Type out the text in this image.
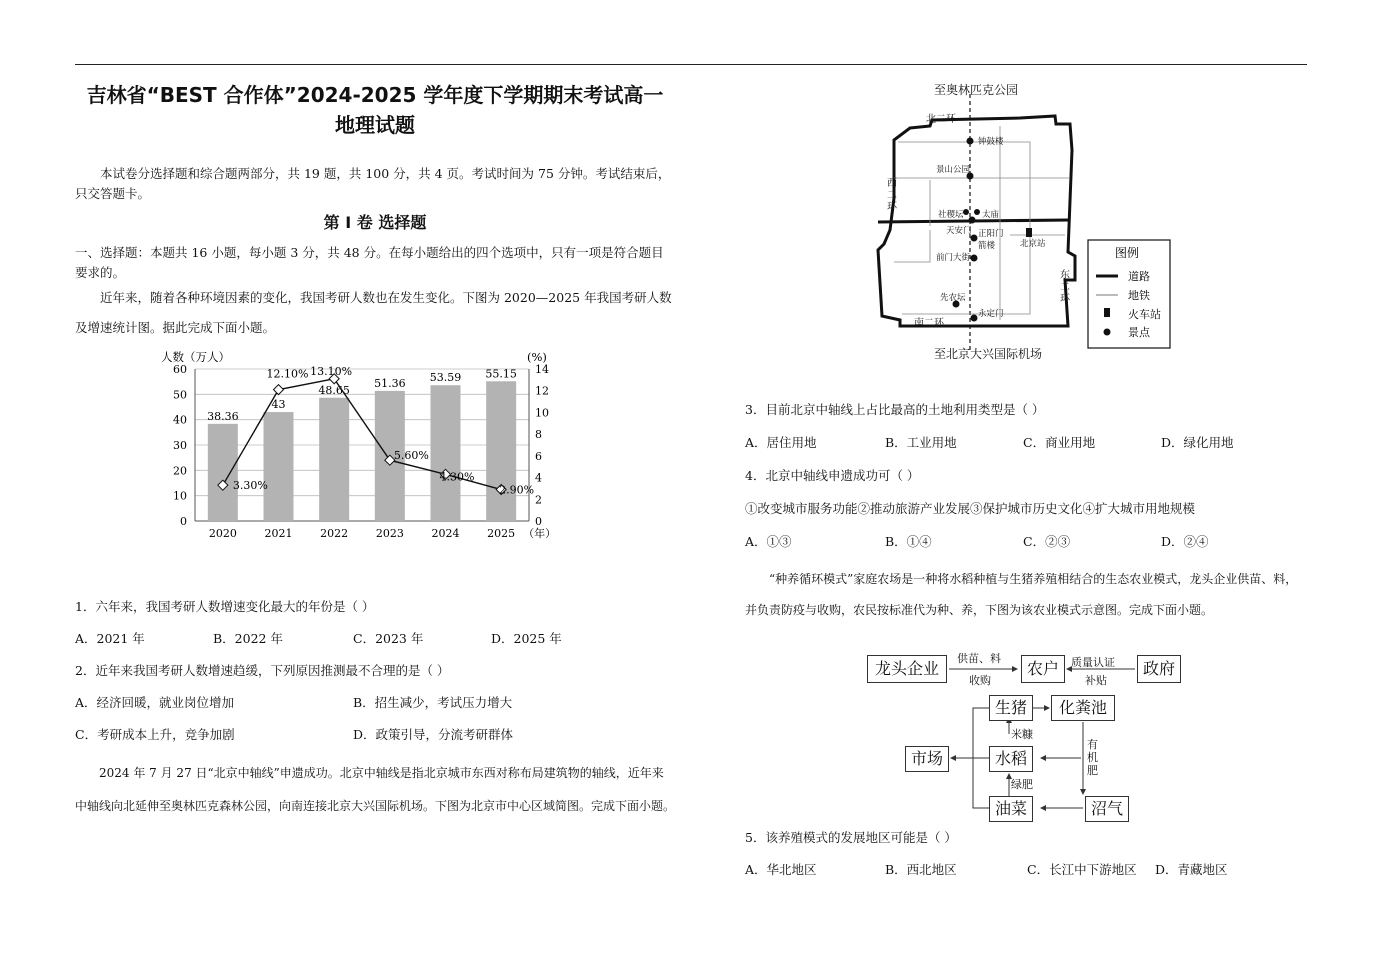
吉林省“BEST 合作体”2024-2025 学年度下学期期末考试高一
地理试题

本试卷分选择题和综合题两部分，共 19 题，共 100 分，共 4 页。考试时间为 75 分钟。考试结束后，只交答题卡。

第 Ⅰ 卷 选择题

一、选择题：本题共 16 小题，每小题 3 分，共 48 分。在每小题给出的四个选项中，只有一项是符合题目要求的。

近年来，随着各种环境因素的变化，我国考研人数也在发生变化。下图为 2020—2025 年我国考研人数及增速统计图。据此完成下面小题。

0
10
20
30
40
50
60
0
2
4
6
8
10
12
14
人数（万人）	(%)
38.36
2020
43
2021
48.65
2022
51.36
2023
53.59
2024
55.15
2025 （年）
3.30%
12.10% 13.10%
5.60%
4.30%
2.90%

1．六年来，我国考研人数增速变化最大的年份是（ ）

A．2021 年	B．2022 年	C．2023 年	D．2025 年

2．近年来我国考研人数增速趋缓，下列原因推测最不合理的是（ ）

A．经济回暖，就业岗位增加	B．招生减少，考试压力增大
C．考研成本上升，竞争加剧	D．政策引导，分流考研群体

2024 年 7 月 27 日“北京中轴线”申遗成功。北京中轴线是指北京城市东西对称布局建筑物的轴线，近年来中轴线向北延伸至奥林匹克森林公园，向南连接北京大兴国际机场。下图为北京市中心区域简图。完成下面小题。

至奥林匹克公园
至北京大兴国际机场
北二环
南二环
钟鼓楼
景山公园
社稷坛 太庙
天安门 正阳门
箭楼
前门大街
先农坛
永定门
北京站
西
二
环
东
二
环
图例
道路
地铁
火车站
景点

3．目前北京中轴线上占比最高的土地利用类型是（ ）

A．居住用地	B．工业用地	C．商业用地	D．绿化用地

4．北京中轴线申遗成功可（ ）

①改变城市服务功能②推动旅游产业发展③保护城市历史文化④扩大城市用地规模

A．①③	B．①④	C．②③	D．②④

“种养循环模式”家庭农场是一种将水稻种植与生猪养殖相结合的生态农业模式，龙头企业供苗、料，并负责防疫与收购，农民按标准代为种、养，下图为该农业模式示意图。完成下面小题。

龙头企业	农户	政府
供苗、料
收购
质量认证
补贴
生猪	化粪池
市场	水稻
油菜	沼气
米糠
绿肥
有机肥

5．该养殖模式的发展地区可能是（ ）

A．华北地区	B．西北地区	C．长江中下游地区	D．青藏地区
